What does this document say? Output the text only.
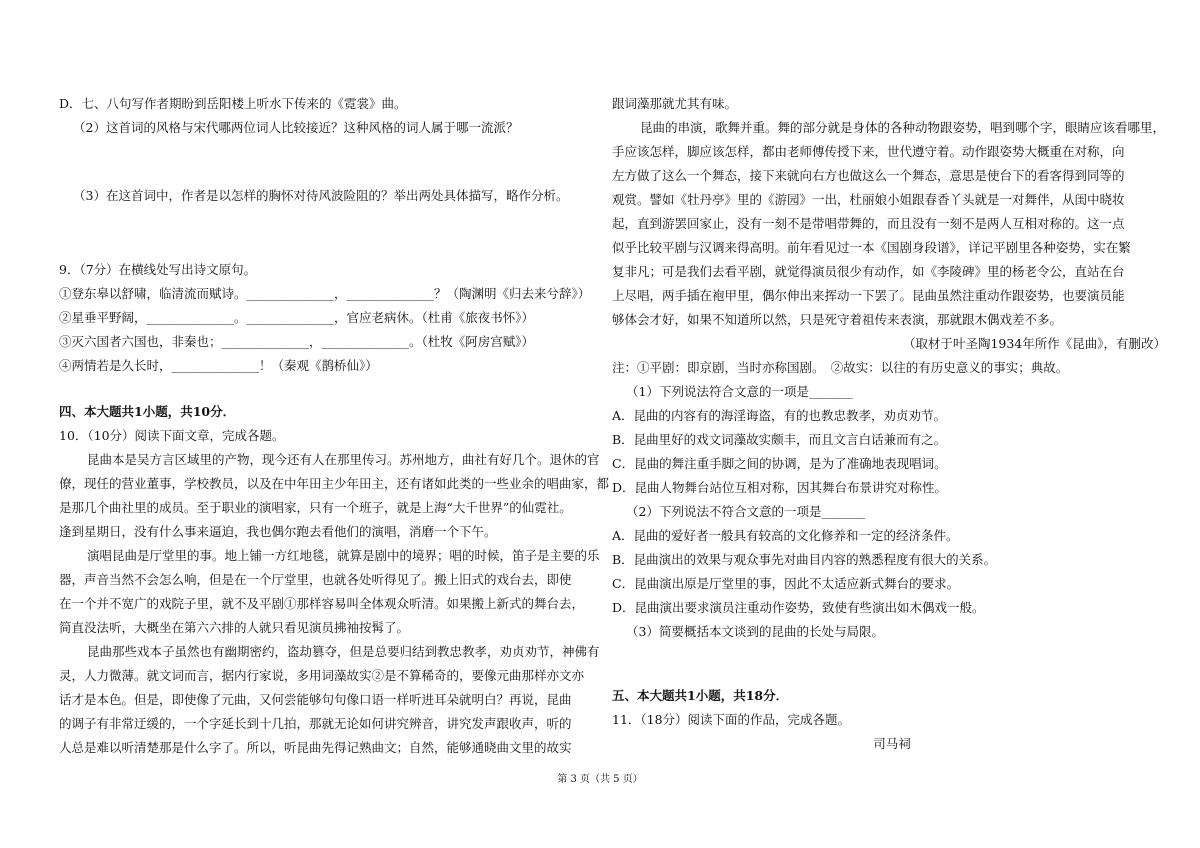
D．七、八句写作者期盼到岳阳楼上听水下传来的《霓裳》曲。
（2）这首词的风格与宋代哪两位词人比较接近？这种风格的词人属于哪一流派？
（3）在这首词中，作者是以怎样的胸怀对待风波险阻的？举出两处具体描写，略作分析。
9．（7分）在横线处写出诗文原句。
①登东皋以舒啸，临清流而赋诗。______________，______________？（陶渊明《归去来兮辞》）
②星垂平野阔，______________。______________，官应老病休。（杜甫《旅夜书怀》）
③灭六国者六国也，非秦也；______________，______________。（杜牧《阿房宫赋》）
④两情若是久长时，______________！（秦观《鹊桥仙》）
四、本大题共1小题，共10分．
10．（10分）阅读下面文章，完成各题。
昆曲本是吴方言区域里的产物，现今还有人在那里传习。苏州地方，曲社有好几个。退休的官
僚，现任的营业董事，学校教员，以及在中年田主少年田主，还有诸如此类的一些业余的唱曲家，都
是那几个曲社里的成员。至于职业的演唱家，只有一个班子，就是上海“大千世界”的仙霓社。
逢到星期日，没有什么事来逼迫，我也偶尔跑去看他们的演唱，消磨一个下午。
演唱昆曲是厅堂里的事。地上铺一方红地毯，就算是剧中的境界；唱的时候，笛子是主要的乐
器，声音当然不会怎么响，但是在一个厅堂里，也就各处听得见了。搬上旧式的戏台去，即使
在一个并不宽广的戏院子里，就不及平剧①那样容易叫全体观众听清。如果搬上新式的舞台去，
简直没法听，大概坐在第六六排的人就只看见演员拂袖按髯了。
昆曲那些戏本子虽然也有幽期密约，盗劫篡夺，但是总要归结到教忠教孝，劝贞劝节，神佛有
灵，人力微薄。就文词而言，据内行家说，多用词藻故实②是不算稀奇的，要像元曲那样亦文亦
话才是本色。但是，即使像了元曲，又何尝能够句句像口语一样听进耳朵就明白？再说，昆曲
的调子有非常迂缓的，一个字延长到十几拍，那就无论如何讲究辨音，讲究发声跟收声，听的
人总是难以听清楚那是什么字了。所以，听昆曲先得记熟曲文；自然，能够通晓曲文里的故实
跟词藻那就尤其有味。
昆曲的串演，歌舞并重。舞的部分就是身体的各种动物跟姿势，唱到哪个字，眼睛应该看哪里，
手应该怎样，脚应该怎样，都由老师傅传授下来，世代遵守着。动作跟姿势大概重在对称，向
左方做了这么一个舞态，接下来就向右方也做这么一个舞态，意思是使台下的看客得到同等的
观赏。譬如《牡丹亭》里的《游园》一出，杜丽娘小姐跟春香丫头就是一对舞伴，从闺中晓妆
起，直到游罢回家止，没有一刻不是带唱带舞的，而且没有一刻不是两人互相对称的。这一点
似乎比较平剧与汉调来得高明。前年看见过一本《国剧身段谱》，详记平剧里各种姿势，实在繁
复非凡；可是我们去看平剧，就觉得演员很少有动作，如《李陵碑》里的杨老令公，直站在台
上尽唱，两手插在袍甲里，偶尔伸出来挥动一下罢了。昆曲虽然注重动作跟姿势，也要演员能
够体会才好，如果不知道所以然，只是死守着祖传来表演，那就跟木偶戏差不多。
（取材于叶圣陶1934年所作《昆曲》，有删改）
注：①平剧：即京剧，当时亦称国剧。　②故实：以往的有历史意义的事实；典故。
（1）下列说法符合文意的一项是_______
A．昆曲的内容有的海淫诲盗，有的也教忠教孝，劝贞劝节。
B．昆曲里好的戏文词藻故实颇丰，而且文言白话兼而有之。
C．昆曲的舞注重手脚之间的协调，是为了准确地表现唱词。
D．昆曲人物舞台站位互相对称，因其舞台布景讲究对称性。
（2）下列说法不符合文意的一项是_______
A．昆曲的爱好者一般具有较高的文化修养和一定的经济条件。
B．昆曲演出的效果与观众事先对曲目内容的熟悉程度有很大的关系。
C．昆曲演出原是厅堂里的事，因此不太适应新式舞台的要求。
D．昆曲演出要求演员注重动作姿势，致使有些演出如木偶戏一般。
（3）简要概括本文谈到的昆曲的长处与局限。
五、本大题共1小题，共18分．
11．（18分）阅读下面的作品，完成各题。
司马祠
第 3 页（共 5 页）
